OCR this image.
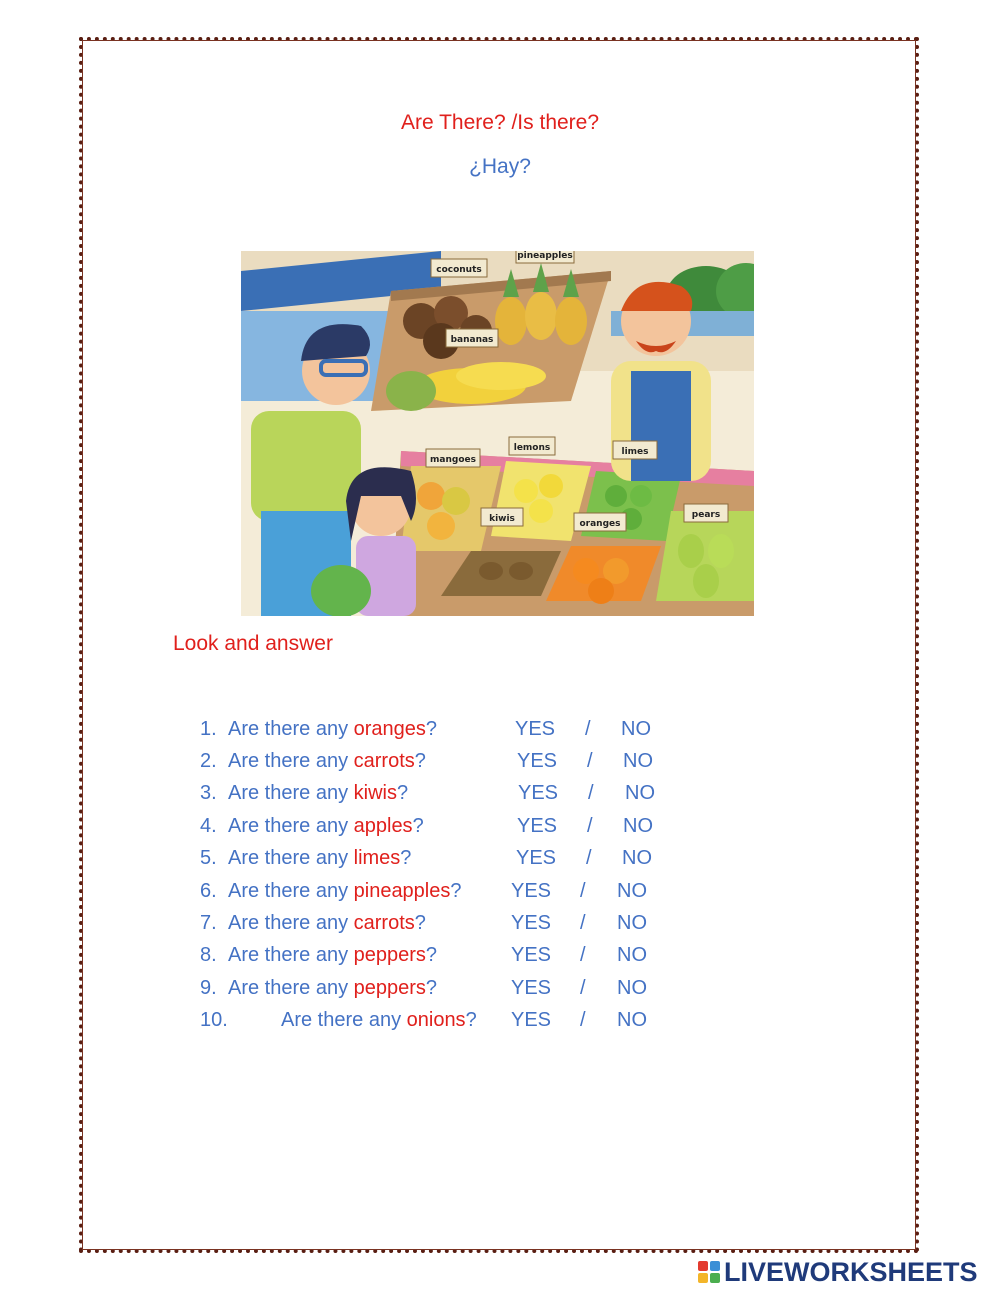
Are There? /Is there?
¿Hay?
coconuts
pineapples
bananas
mangoes
lemons	limes
kiwis	oranges
pears
Look and answer
1. Are there any oranges?	YES / NO
2. Are there any carrots?	YES / NO
3. Are there any kiwis?	YES / NO
4. Are there any apples?	YES / NO
5. Are there any limes?	YES / NO
6. Are there any pineapples? YES / NO
7. Are there any carrots?	YES / NO
8. Are there any peppers?	YES / NO
9. Are there any peppers?	YES / NO
10.	Are there any onions? YES / NO
LIVEWORKSHEETS
